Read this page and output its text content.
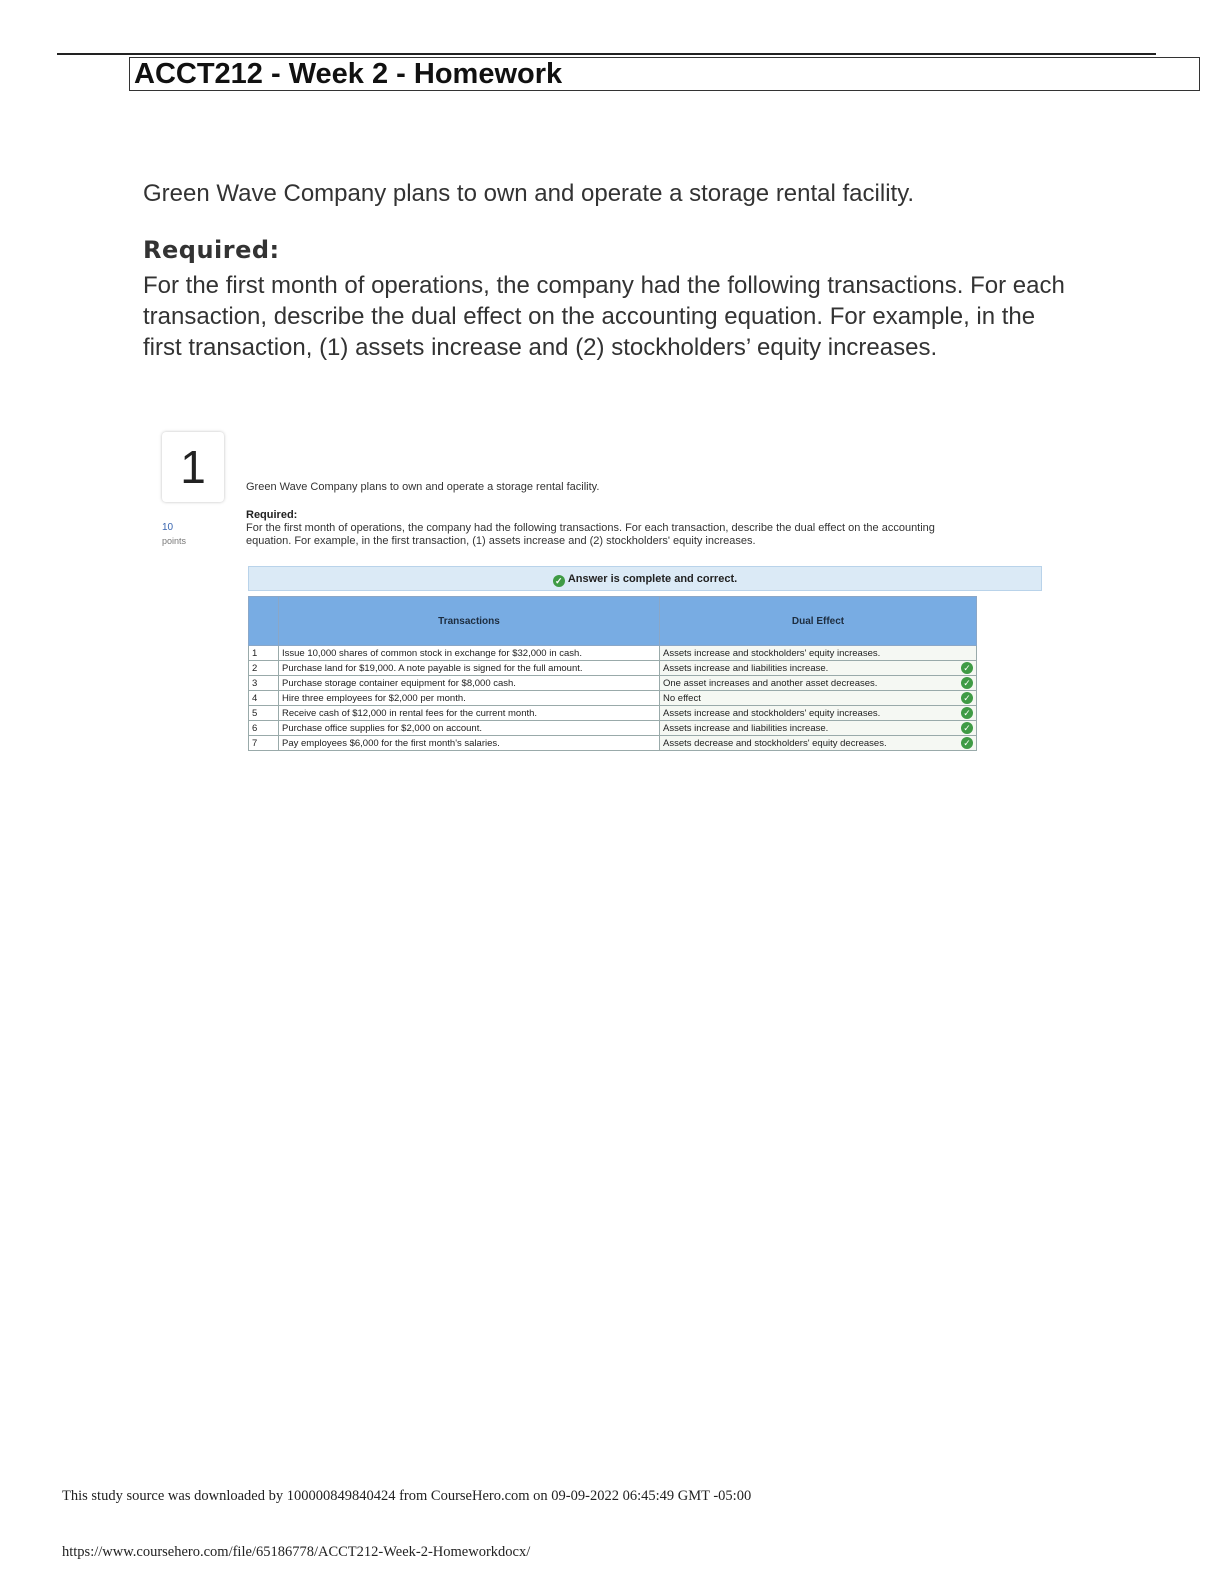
ACCT212 - Week 2 - Homework
Green Wave Company plans to own and operate a storage rental facility.
Required:
For the first month of operations, the company had the following transactions. For each transaction, describe the dual effect on the accounting equation. For example, in the first transaction, (1) assets increase and (2) stockholders’ equity increases.
1
10
points
Green Wave Company plans to own and operate a storage rental facility.
Required:
For the first month of operations, the company had the following transactions. For each transaction, describe the dual effect on the accounting equation. For example, in the first transaction, (1) assets increase and (2) stockholders' equity increases.
✓ Answer is complete and correct.
	Transactions	Dual Effect
1	Issue 10,000 shares of common stock in exchange for $32,000 in cash.	Assets increase and stockholders' equity increases.
2	Purchase land for $19,000. A note payable is signed for the full amount.	Assets increase and liabilities increase. ✓

3	Purchase storage container equipment for $8,000 cash.	One asset increases and another asset decreases. ✓

4	Hire three employees for $2,000 per month.	No effect ✓

5	Receive cash of $12,000 in rental fees for the current month.	Assets increase and stockholders' equity increases. ✓

6	Purchase office supplies for $2,000 on account.	Assets increase and liabilities increase. ✓

7	Pay employees $6,000 for the first month's salaries.	Assets decrease and stockholders' equity decreases. ✓
This study source was downloaded by 100000849840424 from CourseHero.com on 09-09-2022 06:45:49 GMT -05:00
https://www.coursehero.com/file/65186778/ACCT212-Week-2-Homeworkdocx/
